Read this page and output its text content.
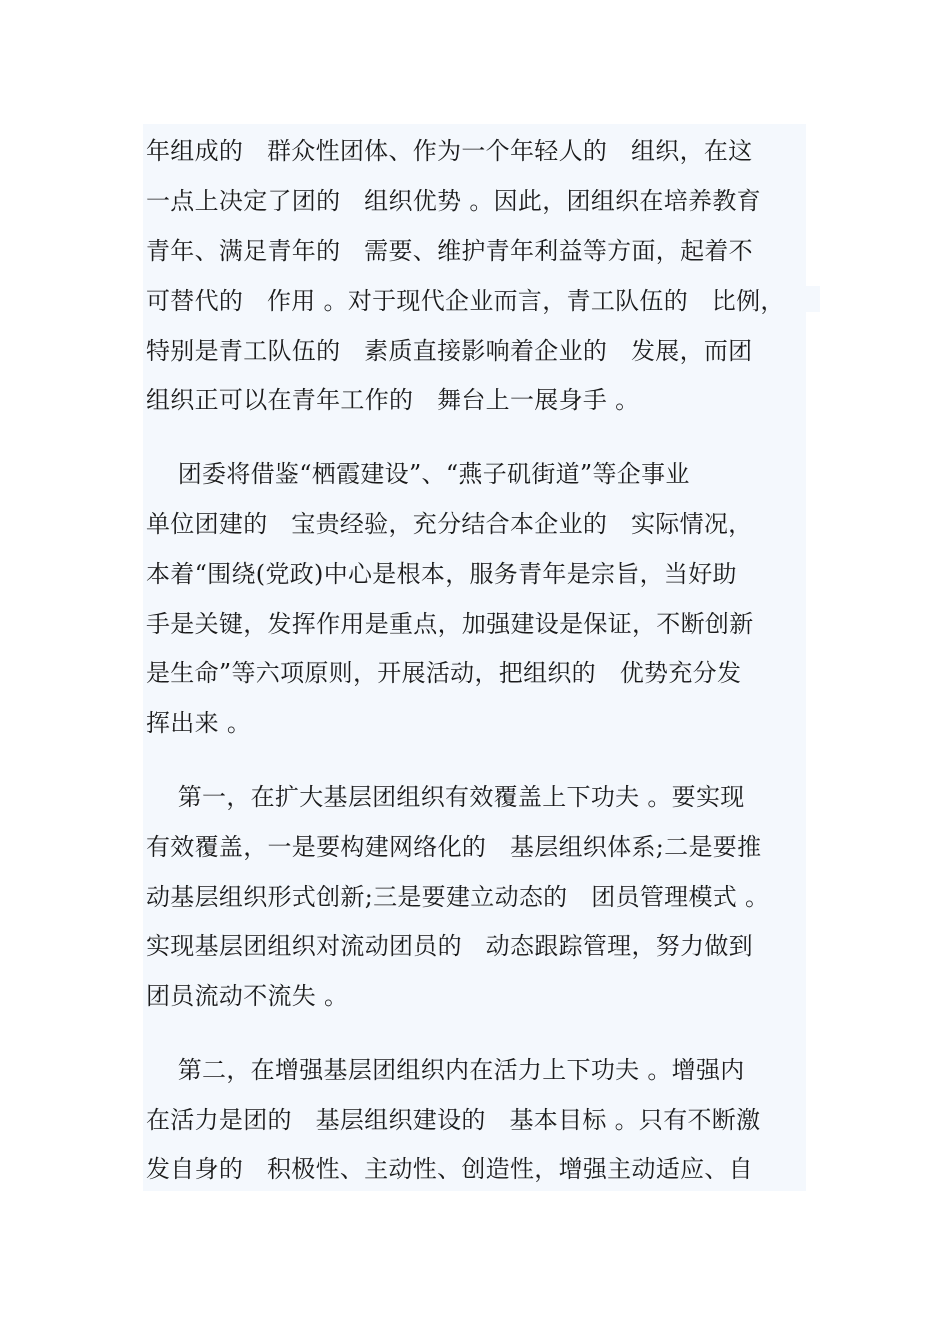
年组成的   群众性团体、作为一个年轻人的   组织，在这
一点上决定了团的   组织优势 。因此，团组织在培养教育
青年、满足青年的   需要、维护青年利益等方面，起着不
可替代的   作用 。对于现代企业而言，青工队伍的   比例，
特别是青工队伍的   素质直接影响着企业的   发展，而团
组织正可以在青年工作的   舞台上一展身手 。
团委将借鉴“栖霞建设”、“燕子矶街道”等企事业
单位团建的   宝贵经验，充分结合本企业的   实际情况，
本着“围绕(党政)中心是根本，服务青年是宗旨，当好助
手是关键，发挥作用是重点，加强建设是保证，不断创新
是生命”等六项原则，开展活动，把组织的   优势充分发
挥出来 。
第一，在扩大基层团组织有效覆盖上下功夫 。要实现
有效覆盖，一是要构建网络化的   基层组织体系;二是要推
动基层组织形式创新;三是要建立动态的   团员管理模式 。
实现基层团组织对流动团员的   动态跟踪管理，努力做到
团员流动不流失 。
第二，在增强基层团组织内在活力上下功夫 。增强内
在活力是团的   基层组织建设的   基本目标 。只有不断激
发自身的   积极性、主动性、创造性，增强主动适应、自
